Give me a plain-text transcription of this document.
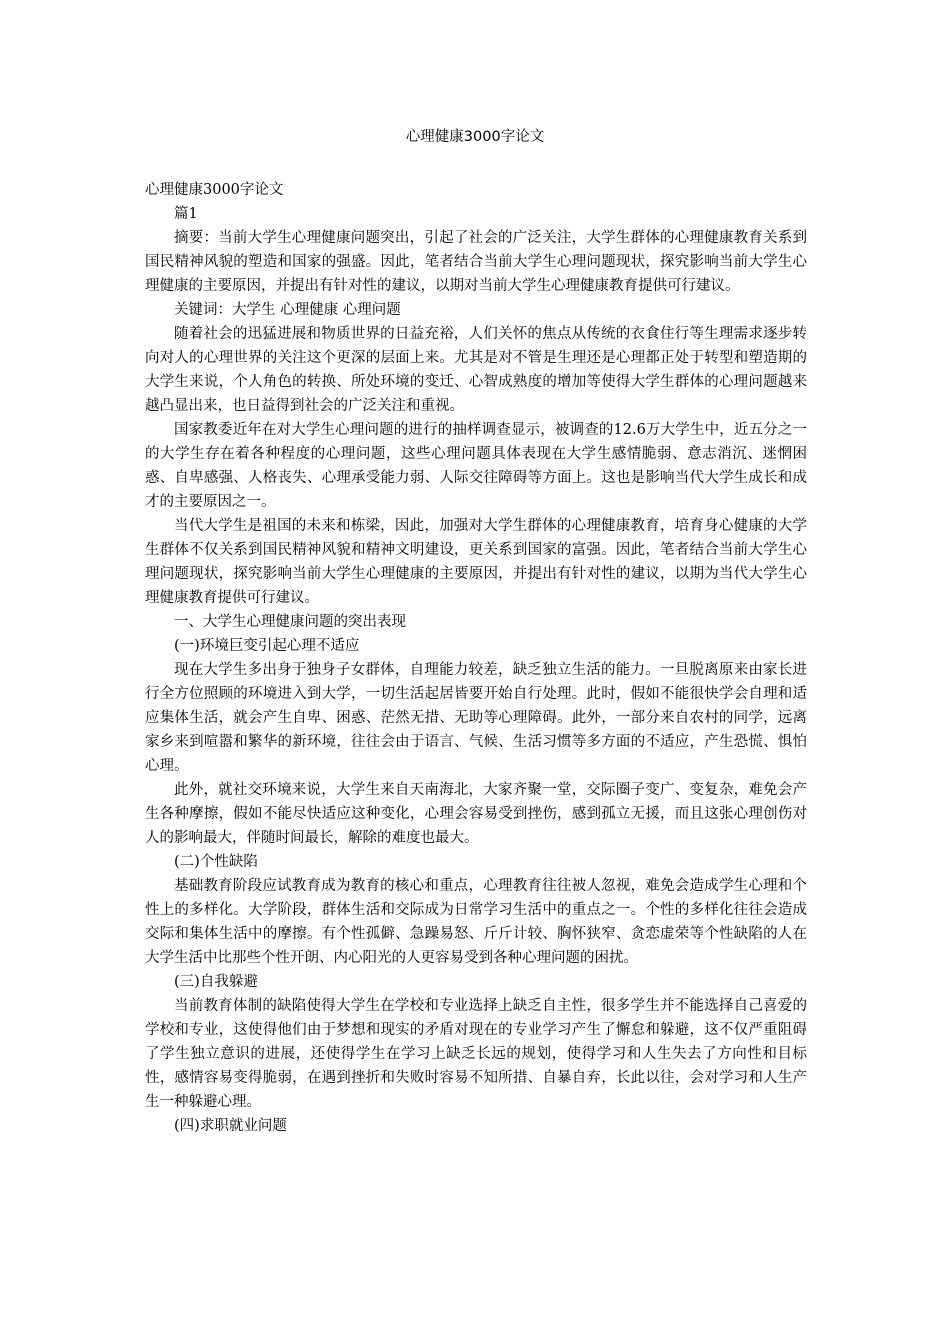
心理健康3000字论文

心理健康3000字论文

篇1

摘要：当前大学生心理健康问题突出，引起了社会的广泛关注，大学生群体的心理健康教育关系到国民精神风貌的塑造和国家的强盛。因此，笔者结合当前大学生心理问题现状，探究影响当前大学生心理健康的主要原因，并提出有针对性的建议，以期对当前大学生心理健康教育提供可行建议。

关键词：大学生 心理健康 心理问题

随着社会的迅猛进展和物质世界的日益充裕，人们关怀的焦点从传统的衣食住行等生理需求逐步转向对人的心理世界的关注这个更深的层面上来。尤其是对不管是生理还是心理都正处于转型和塑造期的大学生来说，个人角色的转换、所处环境的变迁、心智成熟度的增加等使得大学生群体的心理问题越来越凸显出来，也日益得到社会的广泛关注和重视。

国家教委近年在对大学生心理问题的进行的抽样调查显示，被调查的12.6万大学生中，近五分之一的大学生存在着各种程度的心理问题，这些心理问题具体表现在大学生感情脆弱、意志消沉、迷惘困惑、自卑感强、人格丧失、心理承受能力弱、人际交往障碍等方面上。这也是影响当代大学生成长和成才的主要原因之一。

当代大学生是祖国的未来和栋梁，因此，加强对大学生群体的心理健康教育，培育身心健康的大学生群体不仅关系到国民精神风貌和精神文明建设，更关系到国家的富强。因此，笔者结合当前大学生心理问题现状，探究影响当前大学生心理健康的主要原因，并提出有针对性的建议，以期为当代大学生心理健康教育提供可行建议。

一、大学生心理健康问题的突出表现

(一)环境巨变引起心理不适应

现在大学生多出身于独身子女群体，自理能力较差，缺乏独立生活的能力。一旦脱离原来由家长进行全方位照顾的环境进入到大学，一切生活起居皆要开始自行处理。此时，假如不能很快学会自理和适应集体生活，就会产生自卑、困惑、茫然无措、无助等心理障碍。此外，一部分来自农村的同学，远离家乡来到喧嚣和繁华的新环境，往往会由于语言、气候、生活习惯等多方面的不适应，产生恐慌、惧怕心理。

此外，就社交环境来说，大学生来自天南海北，大家齐聚一堂，交际圈子变广、变复杂，难免会产生各种摩擦，假如不能尽快适应这种变化，心理会容易受到挫伤，感到孤立无援，而且这张心理创伤对人的影响最大，伴随时间最长，解除的难度也最大。

(二)个性缺陷

基础教育阶段应试教育成为教育的核心和重点，心理教育往往被人忽视，难免会造成学生心理和个性上的多样化。大学阶段，群体生活和交际成为日常学习生活中的重点之一。个性的多样化往往会造成交际和集体生活中的摩擦。有个性孤僻、急躁易怒、斤斤计较、胸怀狭窄、贪恋虚荣等个性缺陷的人在大学生活中比那些个性开朗、内心阳光的人更容易受到各种心理问题的困扰。

(三)自我躲避

当前教育体制的缺陷使得大学生在学校和专业选择上缺乏自主性，很多学生并不能选择自己喜爱的学校和专业，这使得他们由于梦想和现实的矛盾对现在的专业学习产生了懈怠和躲避，这不仅严重阻碍了学生独立意识的进展，还使得学生在学习上缺乏长远的规划，使得学习和人生失去了方向性和目标性，感情容易变得脆弱，在遇到挫折和失败时容易不知所措、自暴自弃，长此以往，会对学习和人生产生一种躲避心理。

(四)求职就业问题
